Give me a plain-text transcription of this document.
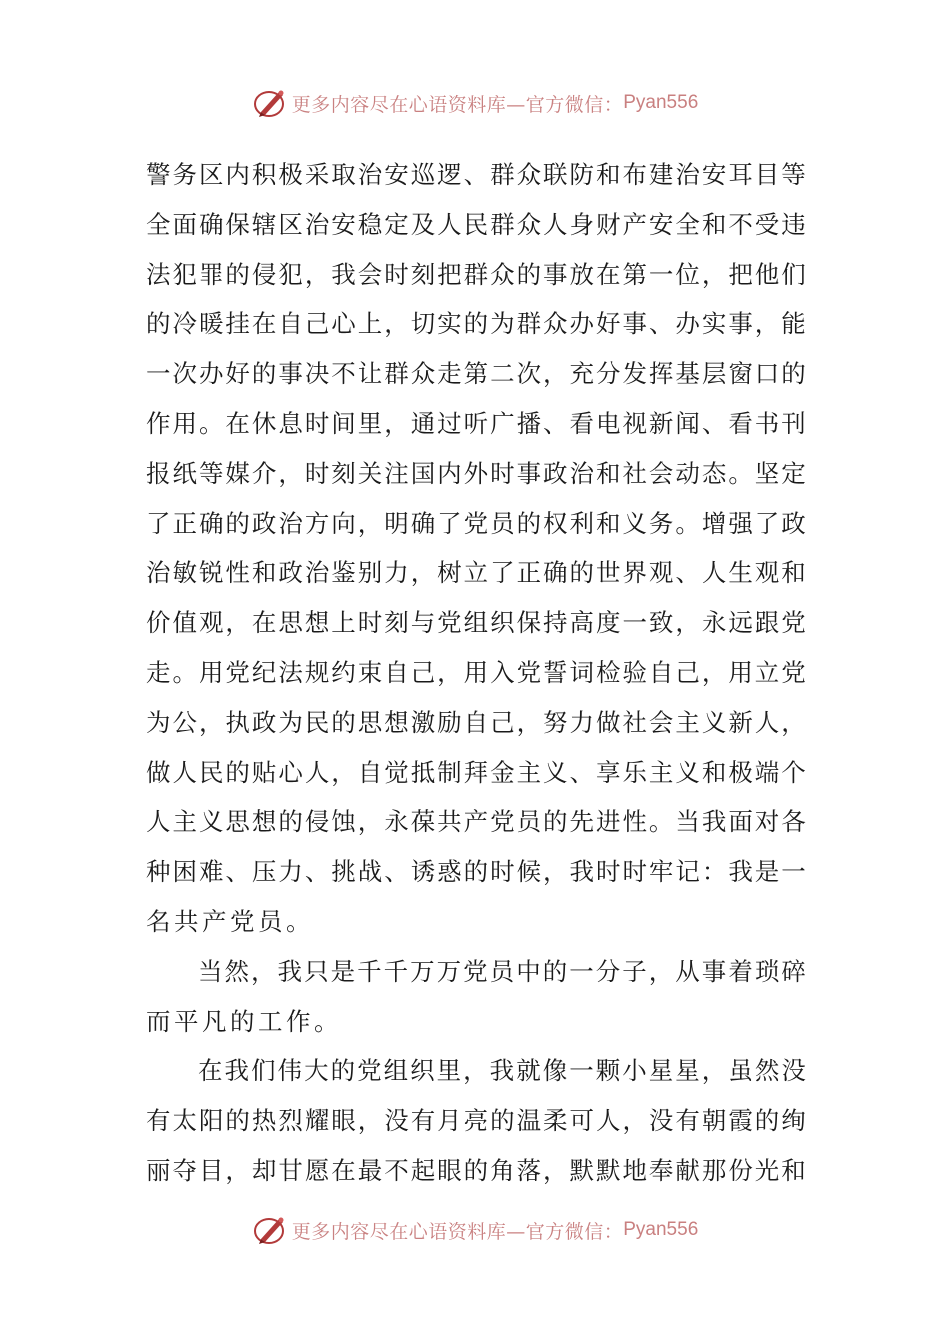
更多内容尽在心语资料库—官方微信： Pyan556
警 务 区 内 积 极 采 取 治 安 巡 逻 、 群 众 联 防 和 布 建 治 安 耳 目 等
全 面 确 保 辖 区 治 安 稳 定 及 人 民 群 众 人 身 财 产 安 全 和 不 受 违
法 犯 罪 的 侵 犯 ， 我 会 时 刻 把 群 众 的 事 放 在 第 一 位 ， 把 他 们
的 冷 暖 挂 在 自 己 心 上 ， 切 实 的 为 群 众 办 好 事 、 办 实 事 ， 能
一 次 办 好 的 事 决 不 让 群 众 走 第 二 次 ， 充 分 发 挥 基 层 窗 口 的
作 用 。 在 休 息 时 间 里 ， 通 过 听 广 播 、 看 电 视 新 闻 、 看 书 刊
报 纸 等 媒 介 ， 时 刻 关 注 国 内 外 时 事 政 治 和 社 会 动 态 。 坚 定
了 正 确 的 政 治 方 向 ， 明 确 了 党 员 的 权 利 和 义 务 。 增 强 了 政
治 敏 锐 性 和 政 治 鉴 别 力 ， 树 立 了 正 确 的 世 界 观 、 人 生 观 和
价 值 观 ， 在 思 想 上 时 刻 与 党 组 织 保 持 高 度 一 致 ， 永 远 跟 党
走 。 用 党 纪 法 规 约 束 自 己 ， 用 入 党 誓 词 检 验 自 己 ， 用 立 党
为 公 ， 执 政 为 民 的 思 想 激 励 自 己 ， 努 力 做 社 会 主 义 新 人 ，
做 人 民 的 贴 心 人 ， 自 觉 抵 制 拜 金 主 义 、 享 乐 主 义 和 极 端 个
人 主 义 思 想 的 侵 蚀 ， 永 葆 共 产 党 员 的 先 进 性 。 当 我 面 对 各
种 困 难 、 压 力 、 挑 战 、 诱 惑 的 时 候 ， 我 时 时 牢 记 ： 我 是 一
名共产党员。
当 然 ， 我 只 是 千 千 万 万 党 员 中 的 一 分 子 ， 从 事 着 琐 碎
而平凡的工作。
在 我 们 伟 大 的 党 组 织 里 ， 我 就 像 一 颗 小 星 星 ， 虽 然 没
有 太 阳 的 热 烈 耀 眼 ， 没 有 月 亮 的 温 柔 可 人 ， 没 有 朝 霞 的 绚
丽 夺 目 ， 却 甘 愿 在 最 不 起 眼 的 角 落 ， 默 默 地 奉 献 那 份 光 和
更多内容尽在心语资料库—官方微信： Pyan556
